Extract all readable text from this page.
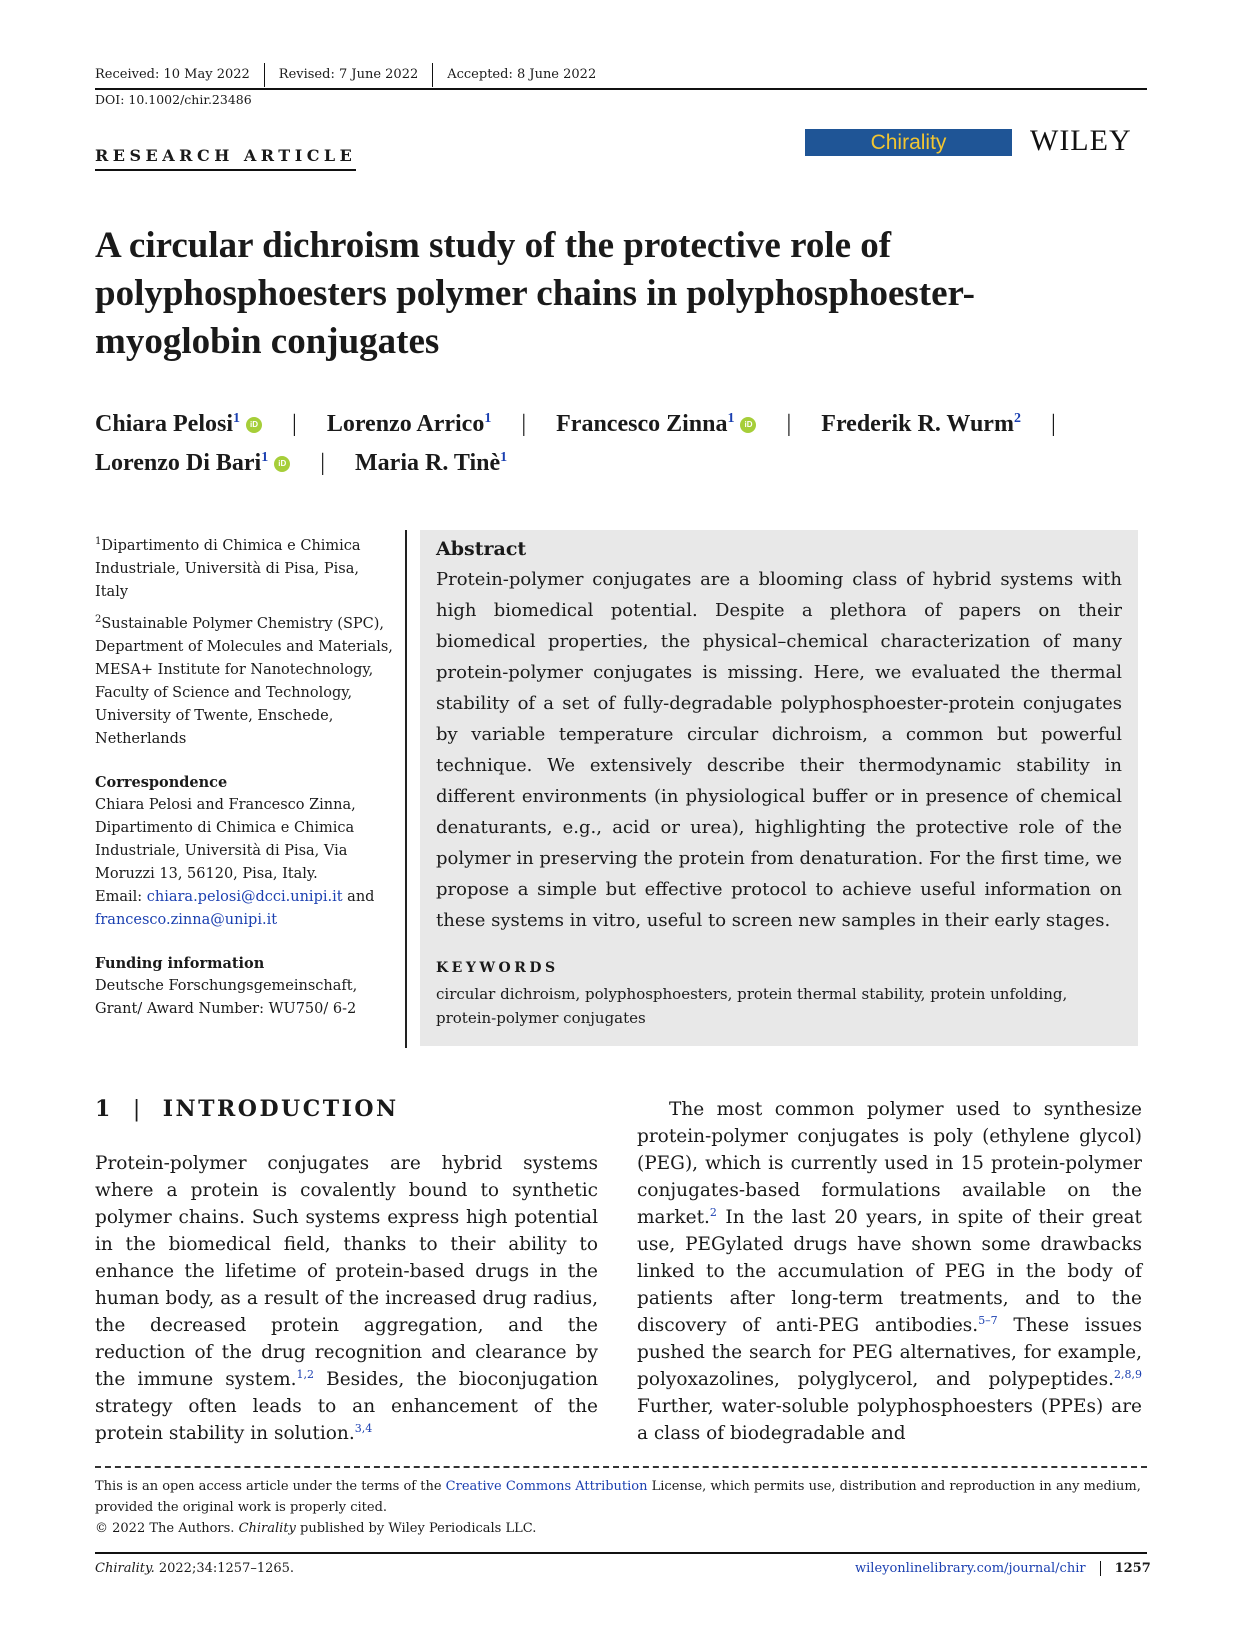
Received: 10 May 2022	Revised: 7 June 2022	Accepted: 8 June 2022
DOI: 10.1002/chir.23486
RESEARCH ARTICLE
Chirality	WILEY
A circular dichroism study of the protective role of polyphosphoesters polymer chains in polyphosphoester-myoglobin conjugates
Chiara Pelosi$^1$ iD | Lorenzo Arrico$^1$ | Francesco Zinna$^1$ iD | Frederik R. Wurm$^2$ |
Lorenzo Di Bari$^1$ iD | Maria R. Tinè$^1$

$^1$Dipartimento di Chimica e Chimica Industriale, Università di Pisa, Pisa, Italy

$^2$Sustainable Polymer Chemistry (SPC), Department of Molecules and Materials, MESA+ Institute for Nanotechnology, Faculty of Science and Technology, University of Twente, Enschede, Netherlands

Correspondence

Chiara Pelosi and Francesco Zinna, Dipartimento di Chimica e Chimica Industriale, Università di Pisa, Via Moruzzi 13, 56120, Pisa, Italy.
Email: chiara.pelosi@dcci.unipi.it and francesco.zinna@unipi.it

Funding information

Deutsche Forschungsgemeinschaft, Grant/ Award Number: WU750/ 6-2

Abstract

Protein-polymer conjugates are a blooming class of hybrid systems with high biomedical potential. Despite a plethora of papers on their biomedical properties, the physical–chemical characterization of many protein-polymer conjugates is missing. Here, we evaluated the thermal stability of a set of fully-degradable polyphosphoester-protein conjugates by variable temperature circular dichroism, a common but powerful technique. We extensively describe their thermodynamic stability in different environments (in physiological buffer or in presence of chemical denaturants, e.g., acid or urea), highlighting the protective role of the polymer in preserving the protein from denaturation. For the first time, we propose a simple but effective protocol to achieve useful information on these systems in vitro, useful to screen new samples in their early stages.

KEYWORDS

circular dichroism, polyphosphoesters, protein thermal stability, protein unfolding, protein-polymer conjugates

1 | INTRODUCTION

Protein-polymer conjugates are hybrid systems where a protein is covalently bound to synthetic polymer chains. Such systems express high potential in the biomedical field, thanks to their ability to enhance the lifetime of protein-based drugs in the human body, as a result of the increased drug radius, the decreased protein aggregation, and the reduction of the drug recognition and clearance by the immune system.$^{1,2}$ Besides, the bioconjugation strategy often leads to an enhancement of the protein stability in solution.$^{3,4}$

The most common polymer used to synthesize protein-polymer conjugates is poly (ethylene glycol) (PEG), which is currently used in 15 protein-polymer conjugates-based formulations available on the market.$^2$ In the last 20 years, in spite of their great use, PEGylated drugs have shown some drawbacks linked to the accumulation of PEG in the body of patients after long-term treatments, and to the discovery of anti-PEG antibodies.$^{5-7}$ These issues pushed the search for PEG alternatives, for example, polyoxazolines, polyglycerol, and polypeptides.$^{2,8,9}$ Further, water-soluble polyphosphoesters (PPEs) are a class of biodegradable and

This is an open access article under the terms of the Creative Commons Attribution License, which permits use, distribution and reproduction in any medium, provided the original work is properly cited.

© 2022 The Authors. Chirality published by Wiley Periodicals LLC.

Chirality. 2022;34:1257–1265.	wileyonlinelibrary.com/journal/chir	1257
